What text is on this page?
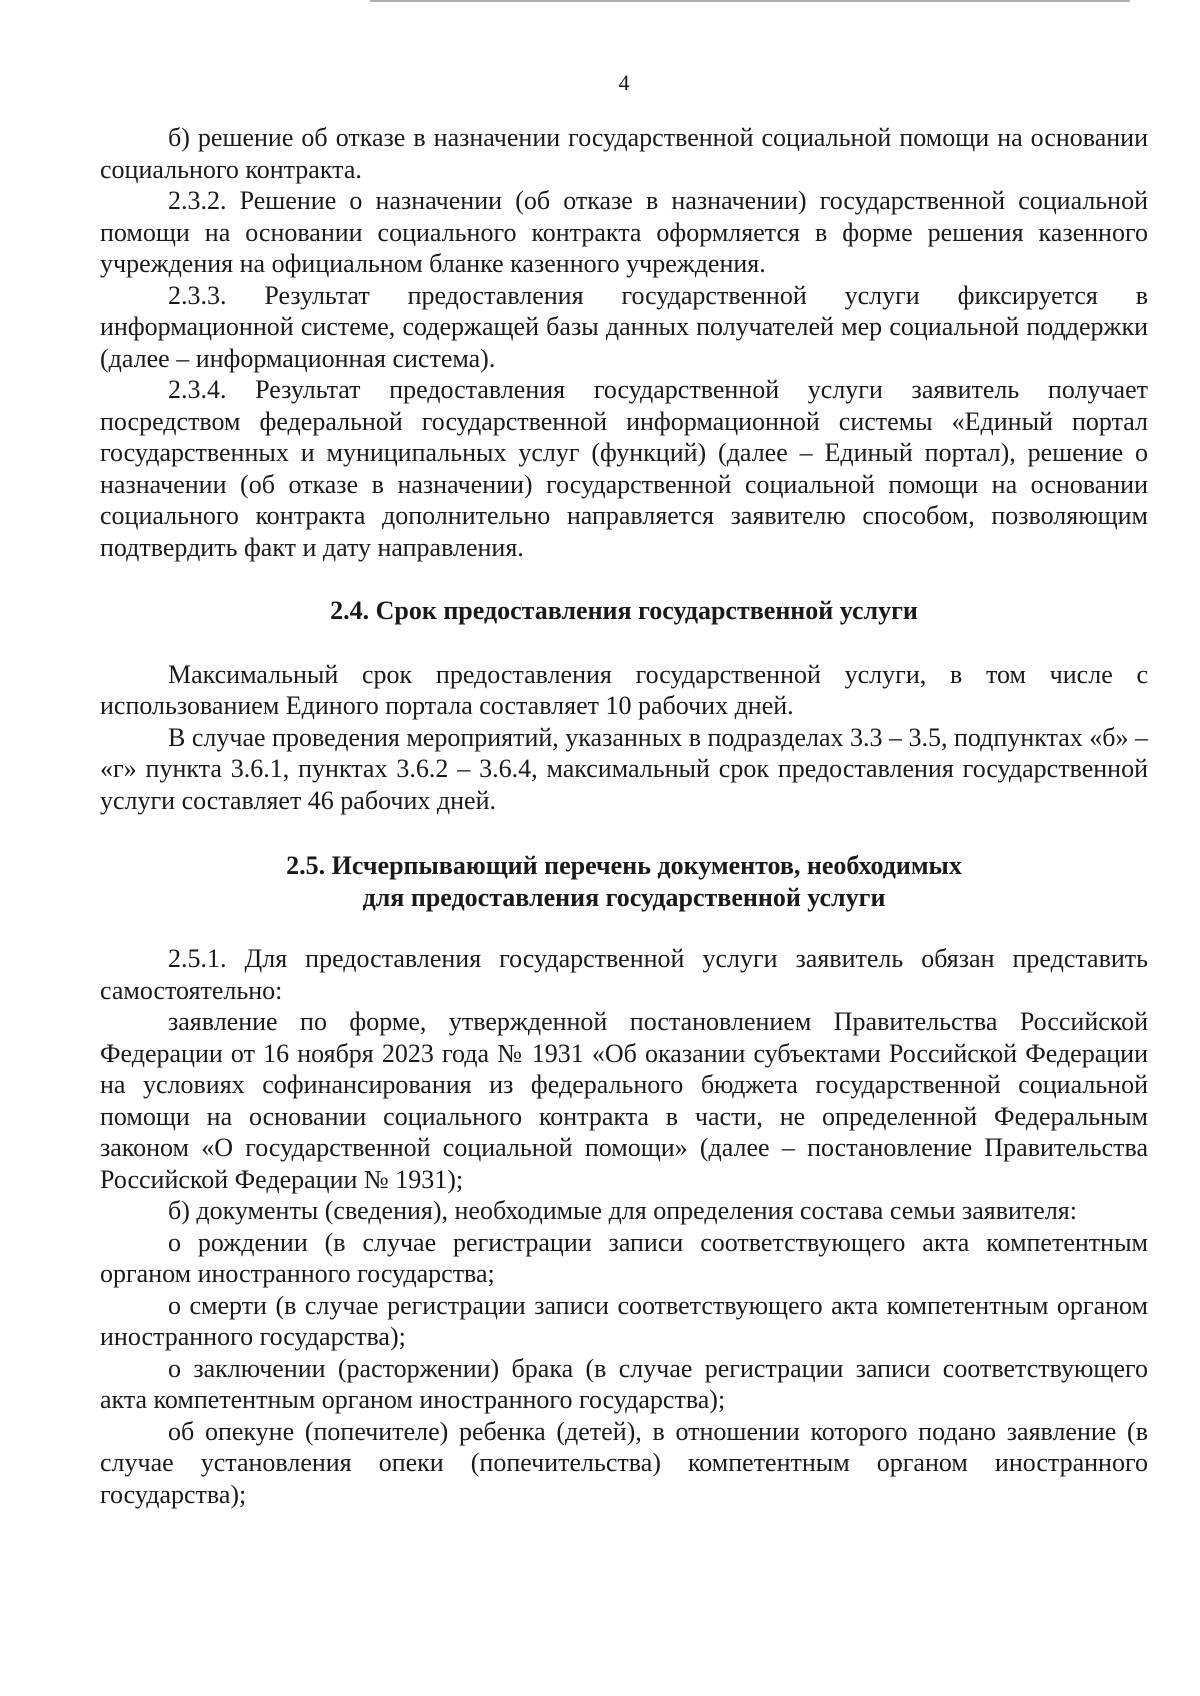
4

б) решение об отказе в назначении государственной социальной помощи на основании социального контракта.

2.3.2. Решение о назначении (об отказе в назначении) государственной социальной помощи на основании социального контракта оформляется в форме решения казенного учреждения на официальном бланке казенного учреждения.

2.3.3. Результат предоставления государственной услуги фиксируется в информационной системе, содержащей базы данных получателей мер социальной поддержки (далее – информационная система).

2.3.4. Результат предоставления государственной услуги заявитель получает посредством федеральной государственной информационной системы «Единый портал государственных и муниципальных услуг (функций) (далее – Единый портал), решение о назначении (об отказе в назначении) государственной социальной помощи на основании социального контракта дополнительно направляется заявителю способом, позволяющим подтвердить факт и дату направления.

2.4. Срок предоставления государственной услуги

Максимальный срок предоставления государственной услуги, в том числе с использованием Единого портала составляет 10 рабочих дней.

В случае проведения мероприятий, указанных в подразделах 3.3 – 3.5, подпунктах «б» – «г» пункта 3.6.1, пунктах 3.6.2 – 3.6.4, максимальный срок предоставления государственной услуги составляет 46 рабочих дней.

2.5. Исчерпывающий перечень документов, необходимых
для предоставления государственной услуги

2.5.1. Для предоставления государственной услуги заявитель обязан представить самостоятельно:

заявление по форме, утвержденной постановлением Правительства Российской Федерации от 16 ноября 2023 года № 1931 «Об оказании субъектами Российской Федерации на условиях софинансирования из федерального бюджета государственной социальной помощи на основании социального контракта в части, не определенной Федеральным законом «О государственной социальной помощи» (далее – постановление Правительства Российской Федерации № 1931);

б) документы (сведения), необходимые для определения состава семьи заявителя:

о рождении (в случае регистрации записи соответствующего акта компетентным органом иностранного государства;

о смерти (в случае регистрации записи соответствующего акта компетентным органом иностранного государства);

о заключении (расторжении) брака (в случае регистрации записи соответствующего акта компетентным органом иностранного государства);

об опекуне (попечителе) ребенка (детей), в отношении которого подано заявление (в случае установления опеки (попечительства) компетентным органом иностранного государства);
